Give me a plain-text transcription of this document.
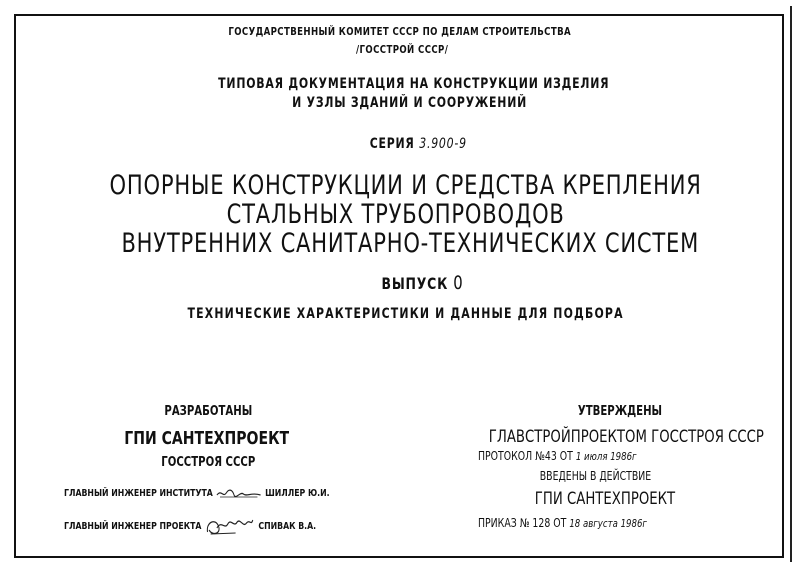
ГОСУДАРСТВЕННЫЙ КОМИТЕТ СССР ПО ДЕЛАМ СТРОИТЕЛЬСТВА
/ГОССТРОЙ СССР/
ТИПОВАЯ ДОКУМЕНТАЦИЯ НА КОНСТРУКЦИИ ИЗДЕЛИЯ
И УЗЛЫ ЗДАНИЙ И СООРУЖЕНИЙ
СЕРИЯ 3.900-9
ОПОРНЫЕ КОНСТРУКЦИИ И СРЕДСТВА КРЕПЛЕНИЯ
СТАЛЬНЫХ ТРУБОПРОВОДОВ
ВНУТРЕННИХ САНИТАРНО-ТЕХНИЧЕСКИХ СИСТЕМ
ВЫПУСК 0
ТЕХНИЧЕСКИЕ ХАРАКТЕРИСТИКИ И ДАННЫЕ ДЛЯ ПОДБОРА
РАЗРАБОТАНЫ
ГПИ САНТЕХПРОЕКТ
ГОССТРОЯ СССР
ГЛАВНЫЙ ИНЖЕНЕР ИНСТИТУТА	ШИЛЛЕР Ю.И.
ГЛАВНЫЙ ИНЖЕНЕР ПРОЕКТА	СПИВАК В.А.
УТВЕРЖДЕНЫ
ГЛАВСТРОЙПРОЕКТОМ ГОССТРОЯ СССР
ПРОТОКОЛ №43 ОТ 1 июля 1986г
ВВЕДЕНЫ В ДЕЙСТВИЕ
ГПИ САНТЕХПРОЕКТ
ПРИКАЗ № 128 ОТ 18 августа 1986г
